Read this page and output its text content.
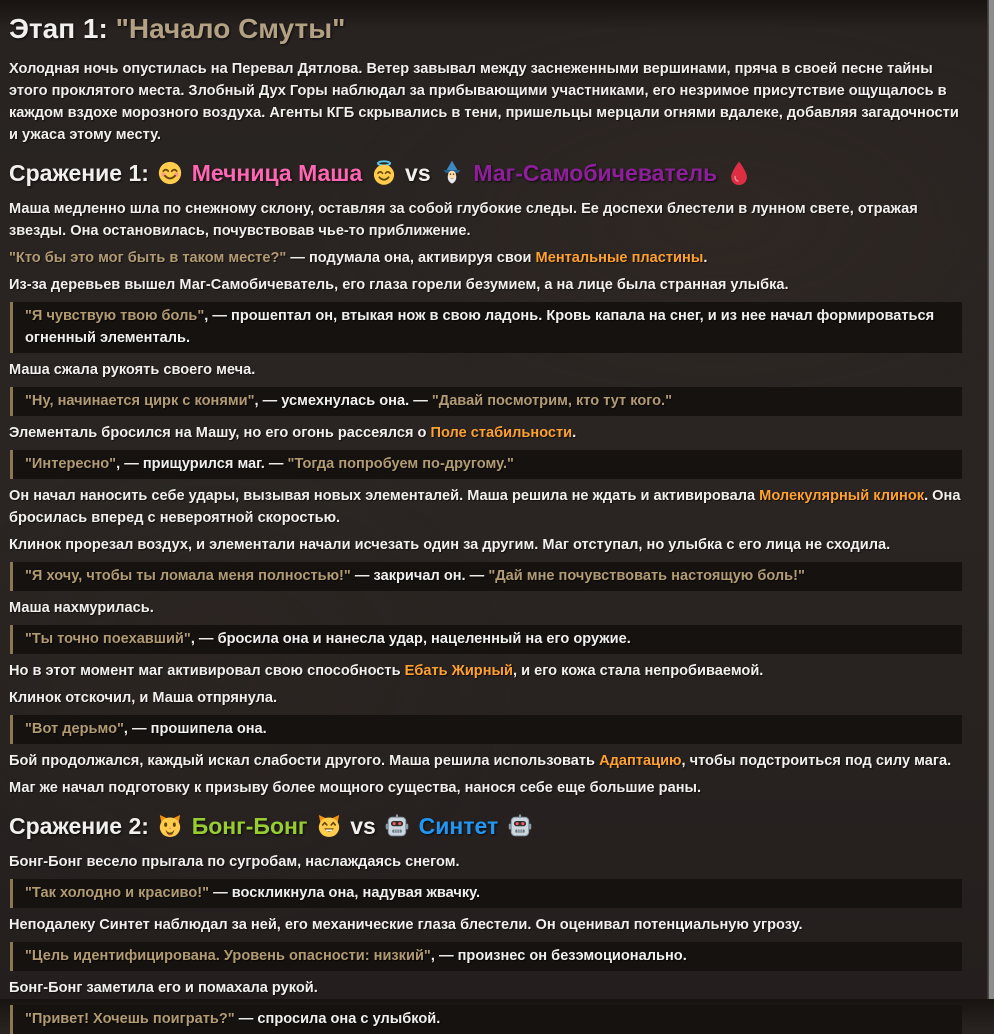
Этап 1: "Начало Смуты"

Холодная ночь опустилась на Перевал Дятлова. Ветер завывал между заснеженными вершинами, пряча в своей песне тайны этого проклятого места. Злобный Дух Горы наблюдал за прибывающими участниками, его незримое присутствие ощущалось в каждом вздохе морозного воздуха. Агенты КГБ скрывались в тени, пришельцы мерцали огнями вдалеке, добавляя загадочности и ужаса этому месту.

Сражение 1:
Мечница Маша
vs
Маг-Самобичеватель

Маша медленно шла по снежному склону, оставляя за собой глубокие следы. Ее доспехи блестели в лунном свете, отражая звезды. Она остановилась, почувствовав чье-то приближение.

"Кто бы это мог быть в таком месте?" — подумала она, активируя свои Ментальные пластины.

Из-за деревьев вышел Маг-Самобичеватель, его глаза горели безумием, а на лице была странная улыбка.

"Я чувствую твою боль", — прошептал он, втыкая нож в свою ладонь. Кровь капала на снег, и из нее начал формироваться огненный элементаль.

Маша сжала рукоять своего меча.

"Ну, начинается цирк с конями", — усмехнулась она. — "Давай посмотрим, кто тут кого."

Элементаль бросился на Машу, но его огонь рассеялся о Поле стабильности.

"Интересно", — прищурился маг. — "Тогда попробуем по-другому."

Он начал наносить себе удары, вызывая новых элементалей. Маша решила не ждать и активировала Молекулярный клинок. Она бросилась вперед с невероятной скоростью.

Клинок прорезал воздух, и элементали начали исчезать один за другим. Маг отступал, но улыбка с его лица не сходила.

"Я хочу, чтобы ты ломала меня полностью!" — закричал он. — "Дай мне почувствовать настоящую боль!"

Маша нахмурилась.

"Ты точно поехавший", — бросила она и нанесла удар, нацеленный на его оружие.

Но в этот момент маг активировал свою способность Ебать Жирный, и его кожа стала непробиваемой.

Клинок отскочил, и Маша отпрянула.

"Вот дерьмо", — прошипела она.

Бой продолжался, каждый искал слабости другого. Маша решила использовать Адаптацию, чтобы подстроиться под силу мага.

Маг же начал подготовку к призыву более мощного существа, нанося себе еще большие раны.

Сражение 2:
Бонг-Бонг
vs
Синтет

Бонг-Бонг весело прыгала по сугробам, наслаждаясь снегом.

"Так холодно и красиво!" — воскликнула она, надувая жвачку.

Неподалеку Синтет наблюдал за ней, его механические глаза блестели. Он оценивал потенциальную угрозу.

"Цель идентифицирована. Уровень опасности: низкий", — произнес он безэмоционально.

Бонг-Бонг заметила его и помахала рукой.

"Привет! Хочешь поиграть?" — спросила она с улыбкой.
